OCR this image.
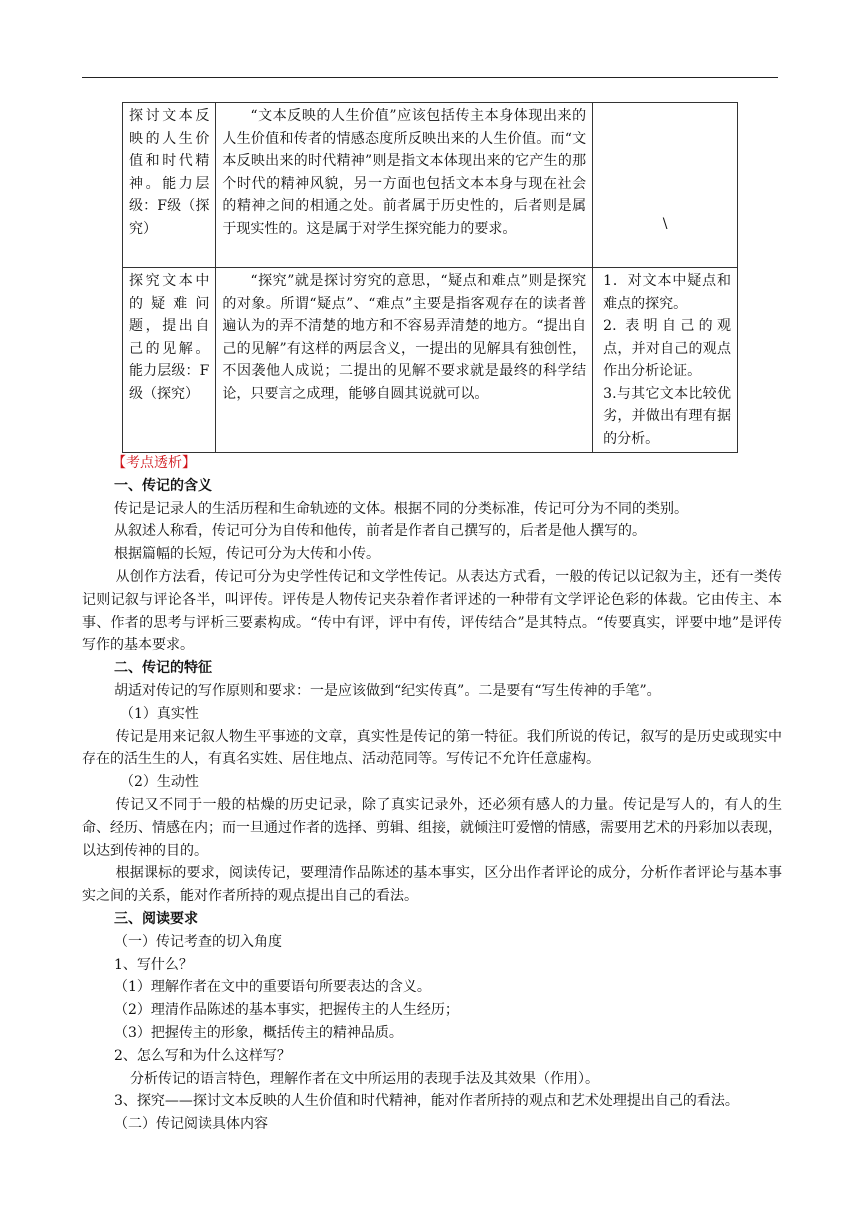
探讨文本反映的人生价值和时代精神。能力层级：F级（探究）	“文本反映的人生价值”应该包括传主本身体现出来的人生价值和传者的情感态度所反映出来的人生价值。而“文本反映出来的时代精神”则是指文本体现出来的它产生的那个时代的精神风貌，另一方面也包括文本本身与现在社会的精神之间的相通之处。前者属于历史性的，后者则是属于现实性的。这是属于对学生探究能力的要求。	\

探究文本中的疑难问题，提出自己的见解。能力层级：F级（探究）	“探究”就是探讨穷究的意思，“疑点和难点”则是探究的对象。所谓“疑点”、“难点”主要是指客观存在的读者普遍认为的弄不清楚的地方和不容易弄清楚的地方。“提出自己的见解”有这样的两层含义，一提出的见解具有独创性，不因袭他人成说；二提出的见解不要求就是最终的科学结论，只要言之成理，能够自圆其说就可以。	1．对文本中疑点和难点的探究。
2. 表明自己的观点，并对自己的观点作出分析论证。
3.与其它文本比较优劣，并做出有理有据的分析。

【考点透析】

一、传记的含义

传记是记录人的生活历程和生命轨迹的文体。根据不同的分类标准，传记可分为不同的类别。

从叙述人称看，传记可分为自传和他传，前者是作者自己撰写的，后者是他人撰写的。

根据篇幅的长短，传记可分为大传和小传。

从创作方法看，传记可分为史学性传记和文学性传记。从表达方式看，一般的传记以记叙为主，还有一类传记则记叙与评论各半，叫评传。评传是人物传记夹杂着作者评述的一种带有文学评论色彩的体裁。它由传主、本事、作者的思考与评析三要素构成。“传中有评，评中有传，评传结合”是其特点。“传要真实，评要中地”是评传写作的基本要求。

二、传记的特征

胡适对传记的写作原则和要求：一是应该做到“纪实传真”。二是要有“写生传神的手笔”。

（1）真实性

传记是用来记叙人物生平事迹的文章，真实性是传记的第一特征。我们所说的传记，叙写的是历史或现实中存在的活生生的人，有真名实姓、居住地点、活动范同等。写传记不允许任意虚构。

（2）生动性

传记又不同于一般的枯燥的历史记录，除了真实记录外，还必须有感人的力量。传记是写人的，有人的生命、经历、情感在内；而一旦通过作者的选择、剪辑、组接，就倾注叮爱憎的情感，需要用艺术的丹彩加以表现，以达到传神的目的。

根据课标的要求，阅读传记，要理清作品陈述的基本事实，区分出作者评论的成分，分析作者评论与基本事实之间的关系，能对作者所持的观点提出自己的看法。

三、阅读要求

（一）传记考查的切入角度

1、写什么？

（1）理解作者在文中的重要语句所要表达的含义。

（2）理清作品陈述的基本事实，把握传主的人生经历；

（3）把握传主的形象，概括传主的精神品质。

2、怎么写和为什么这样写？

分析传记的语言特色，理解作者在文中所运用的表现手法及其效果（作用）。

3、探究——探讨文本反映的人生价值和时代精神，能对作者所持的观点和艺术处理提出自己的看法。

（二）传记阅读具体内容
